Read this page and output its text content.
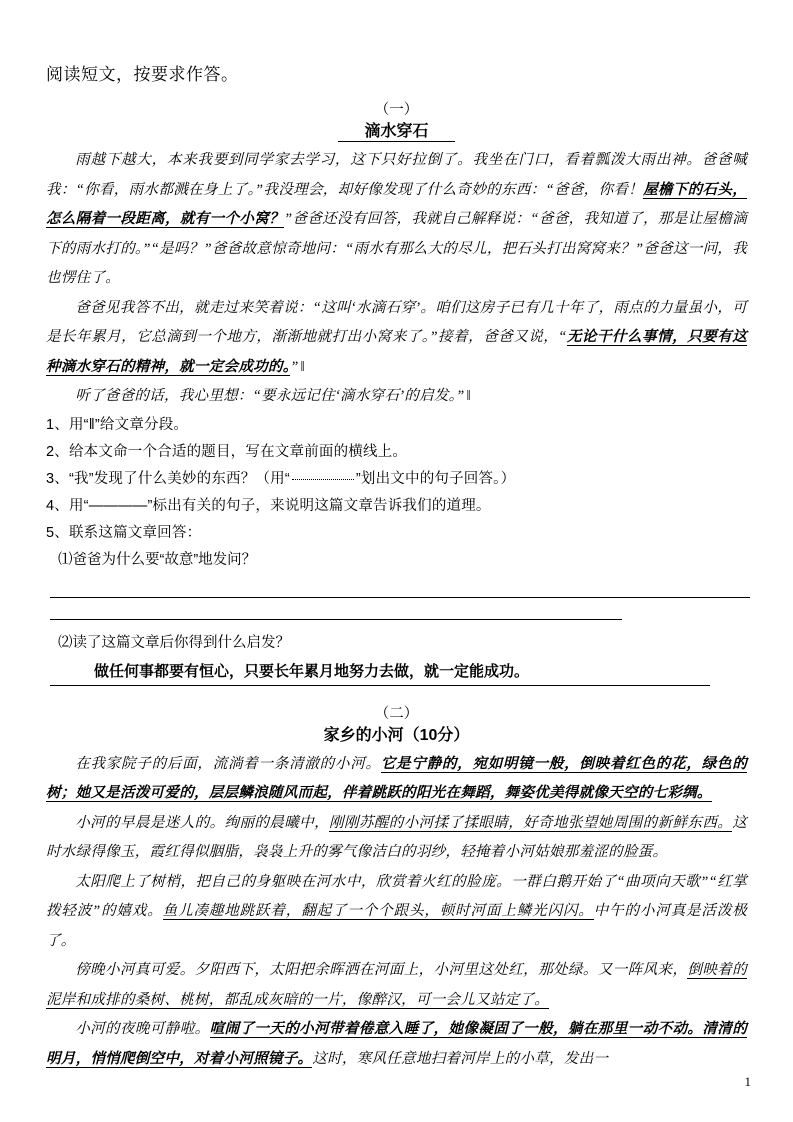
阅读短文，按要求作答。

（一）

滴水穿石

雨越下越大，本来我要到同学家去学习，这下只好拉倒了。我坐在门口，看着瓢泼大雨出神。爸爸喊我：“你看，雨水都溅在身上了。”我没理会，却好像发现了什么奇妙的东西：“爸爸，你看！屋檐下的石头，怎么隔着一段距离，就有一个小窝？”爸爸还没有回答，我就自己解释说：“爸爸，我知道了，那是让屋檐滴下的雨水打的。”“是吗？”爸爸故意惊奇地问：“雨水有那么大的尽儿，把石头打出窝窝来？”爸爸这一问，我也愣住了。

爸爸见我答不出，就走过来笑着说：“这叫‘水滴石穿’。咱们这房子已有几十年了，雨点的力量虽小，可是长年累月，它总滴到一个地方，渐渐地就打出小窝来了。”接着，爸爸又说，“无论干什么事情，只要有这种滴水穿石的精神，就一定会成功的。” ‖

听了爸爸的话，我心里想：“要永远记住‘滴水穿石’的启发。” ‖

1、用“‖”给文章分段。

2、给本文命一个合适的题目，写在文章前面的横线上。

3、“我”发现了什么美妙的东西？（用“	”划出文中的句子回答。）

4、用“————”标出有关的句子，来说明这篇文章告诉我们的道理。

5、联系这篇文章回答：

⑴爸爸为什么要“故意”地发问？

⑵读了这篇文章后你得到什么启发？

做任何事都要有恒心，只要长年累月地努力去做，就一定能成功。

（二）

家乡的小河（10分）

在我家院子的后面，流淌着一条清澈的小河。它是宁静的，宛如明镜一般，倒映着红色的花，绿色的树；她又是活泼可爱的，层层鳞浪随风而起，伴着跳跃的阳光在舞蹈，舞姿优美得就像天空的七彩绸。

小河的早晨是迷人的。绚丽的晨曦中，刚刚苏醒的小河揉了揉眼睛，好奇地张望她周围的新鲜东西。这时水绿得像玉，霞红得似胭脂，袅袅上升的雾气像洁白的羽纱，轻掩着小河姑娘那羞涩的脸蛋。

太阳爬上了树梢，把自己的身躯映在河水中，欣赏着火红的脸庞。一群白鹅开始了“曲项向天歌”“红掌拨轻波”的嬉戏。鱼儿凑趣地跳跃着，翻起了一个个跟头，顿时河面上鳞光闪闪。中午的小河真是活泼极了。

傍晚小河真可爱。夕阳西下，太阳把余晖洒在河面上，小河里这处红，那处绿。又一阵风来，倒映着的泥岸和成排的桑树、桃树，都乱成灰暗的一片，像醉汉，可一会儿又站定了。

小河的夜晚可静啦。喧闹了一天的小河带着倦意入睡了，她像凝固了一般，躺在那里一动不动。清清的明月，悄悄爬倒空中，对着小河照镜子。这时，寒风任意地扫着河岸上的小草，发出一

1
